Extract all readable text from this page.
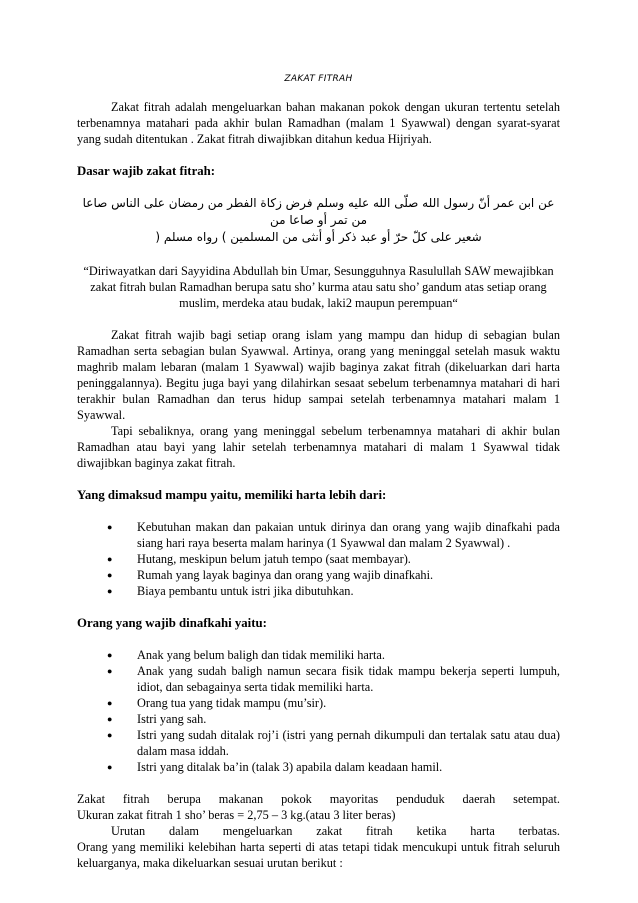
ZAKAT FITRAH

Zakat fitrah adalah mengeluarkan bahan makanan pokok dengan ukuran tertentu setelah terbenamnya matahari pada akhir bulan Ramadhan (malam 1 Syawwal) dengan syarat-syarat yang sudah ditentukan . Zakat fitrah diwajibkan ditahun kedua Hijriyah.

Dasar wajib zakat fitrah:

عن ابن عمر أنّ رسول الله صلّى الله عليه وسلم فرض زكاة الفطر من رمضان على الناس صاعا من تمر أو صاعا من

شعير على كلّ حرّ أو عبد ذكر أو أنثى من المسلمين ) رواه مسلم (

“Diriwayatkan dari Sayyidina Abdullah bin Umar, Sesungguhnya Rasulullah SAW mewajibkan zakat fitrah bulan Ramadhan berupa satu sho’ kurma atau satu sho’ gandum atas setiap orang muslim, merdeka atau budak, laki2 maupun perempuan“

Zakat fitrah wajib bagi setiap orang islam yang mampu dan hidup di sebagian bulan Ramadhan serta sebagian bulan Syawwal. Artinya, orang yang meninggal setelah masuk waktu maghrib malam lebaran (malam 1 Syawwal) wajib baginya zakat fitrah (dikeluarkan dari harta peninggalannya). Begitu juga bayi yang dilahirkan sesaat sebelum terbenamnya matahari di hari terakhir bulan Ramadhan dan terus hidup sampai setelah terbenamnya matahari malam 1 Syawwal.

Tapi sebaliknya, orang yang meninggal sebelum terbenamnya matahari di akhir bulan Ramadhan atau bayi yang lahir setelah terbenamnya matahari di malam 1 Syawwal tidak diwajibkan baginya zakat fitrah.

Yang dimaksud mampu yaitu, memiliki harta lebih dari:

● Kebutuhan makan dan pakaian untuk dirinya dan orang yang wajib dinafkahi pada siang hari raya beserta malam harinya (1 Syawwal dan malam 2 Syawwal) .
● Hutang, meskipun belum jatuh tempo (saat membayar).
● Rumah yang layak baginya dan orang yang wajib dinafkahi.
● Biaya pembantu untuk istri jika dibutuhkan.

Orang yang wajib dinafkahi yaitu:

● Anak yang belum baligh dan tidak memiliki harta.
● Anak yang sudah baligh namun secara fisik tidak mampu bekerja seperti lumpuh, idiot, dan sebagainya serta tidak memiliki harta.
● Orang tua yang tidak mampu (mu’sir).
● Istri yang sah.
● Istri yang sudah ditalak roj’i (istri yang pernah dikumpuli dan tertalak satu atau dua) dalam masa iddah.
● Istri yang ditalak ba’in (talak 3) apabila dalam keadaan hamil.
Zakat fitrah berupa makanan pokok mayoritas penduduk daerah setempat.

Ukuran zakat fitrah 1 sho’ beras = 2,75 – 3 kg.(atau 3 liter beras)

Urutan dalam mengeluarkan zakat fitrah ketika harta terbatas.

Orang yang memiliki kelebihan harta seperti di atas tetapi tidak mencukupi untuk fitrah seluruh keluarganya, maka dikeluarkan sesuai urutan berikut :
